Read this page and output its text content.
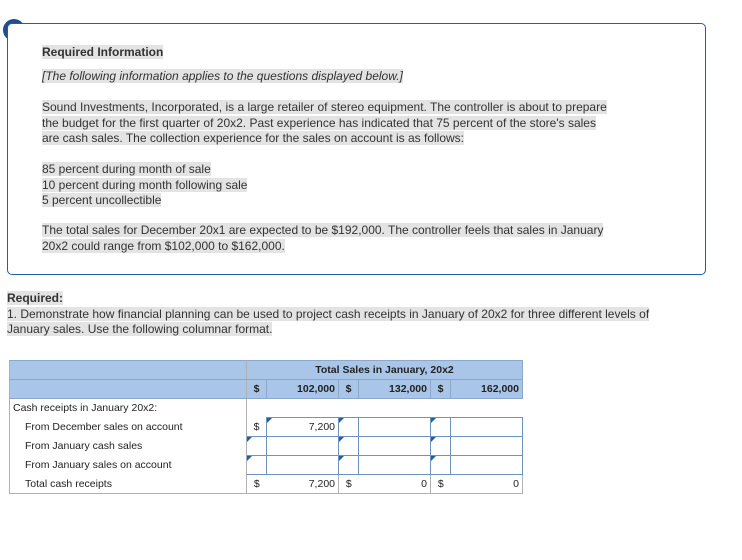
Required Information
[The following information applies to the questions displayed below.]
Sound Investments, Incorporated, is a large retailer of stereo equipment. The controller is about to prepare
the budget for the first quarter of 20x2. Past experience has indicated that 75 percent of the store's sales
are cash sales. The collection experience for the sales on account is as follows:
85 percent during month of sale
10 percent during month following sale
5 percent uncollectible
The total sales for December 20x1 are expected to be $192,000. The controller feels that sales in January
20x2 could range from $102,000 to $162,000.
Required:
1. Demonstrate how financial planning can be used to project cash receipts in January of 20x2 for three different levels of
January sales. Use the following columnar format.
	Total Sales in January, 20x2					
	$	102,000	$	132,000	$	162,000
Cash receipts in January 20x2:						
From December sales on account	$	7,200				
From January cash sales						
From January sales on account						
Total cash receipts	$	7,200	$	0	$	0
